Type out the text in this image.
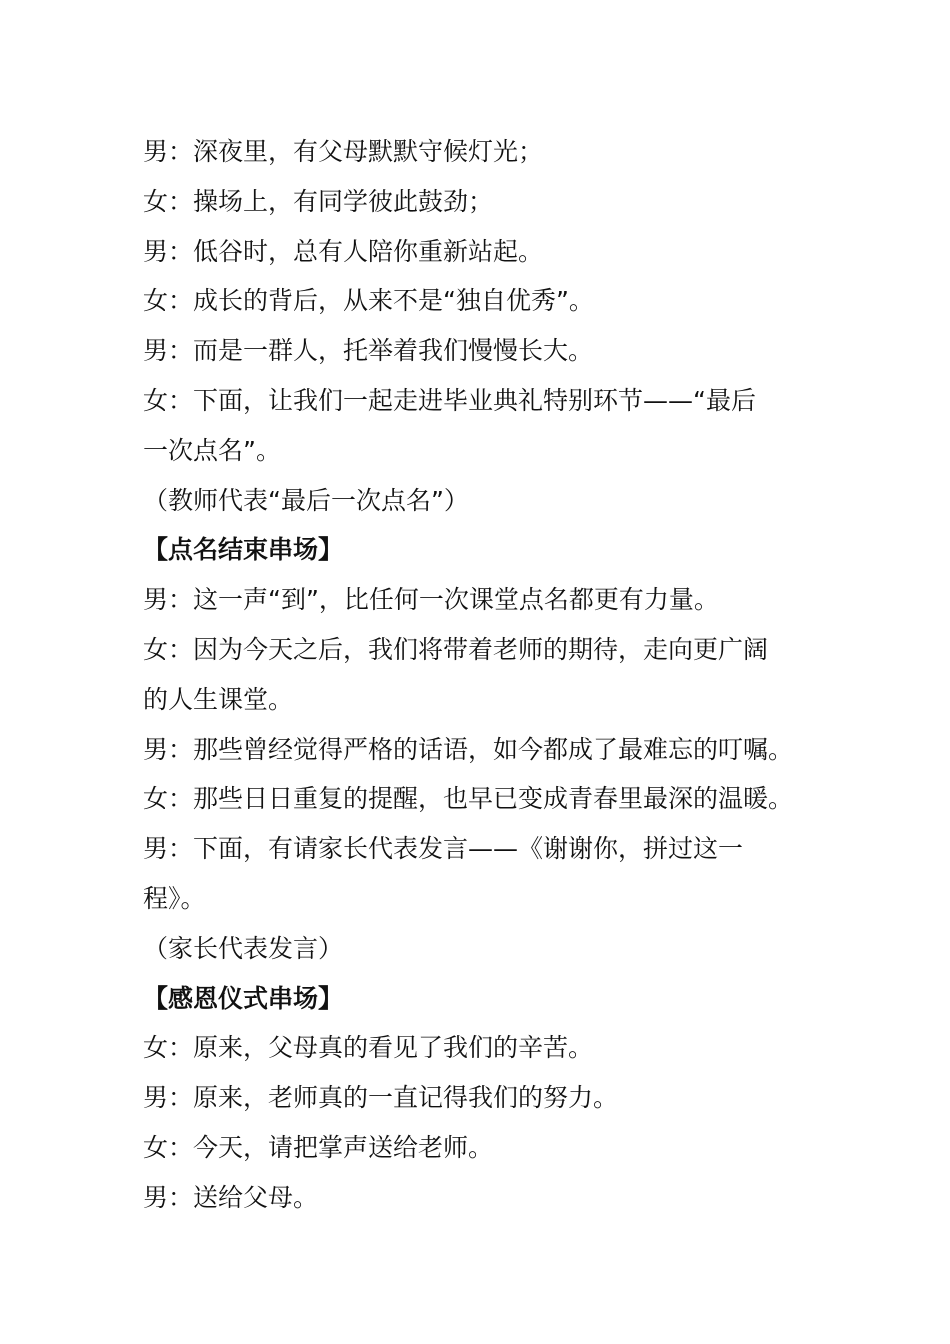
男：深夜里，有父母默默守候灯光；

女：操场上，有同学彼此鼓劲；

男：低谷时，总有人陪你重新站起。

女：成长的背后，从来不是“独自优秀”。

男：而是一群人，托举着我们慢慢长大。

女：下面，让我们一起走进毕业典礼特别环节——“最后

一次点名”。

（教师代表“最后一次点名”）

【点名结束串场】

男：这一声“到”，比任何一次课堂点名都更有力量。

女：因为今天之后，我们将带着老师的期待，走向更广阔

的人生课堂。

男：那些曾经觉得严格的话语，如今都成了最难忘的叮嘱。

女：那些日日重复的提醒，也早已变成青春里最深的温暖。

男：下面，有请家长代表发言——《谢谢你，拼过这一

程》。

（家长代表发言）

【感恩仪式串场】

女：原来，父母真的看见了我们的辛苦。

男：原来，老师真的一直记得我们的努力。

女：今天，请把掌声送给老师。

男：送给父母。
